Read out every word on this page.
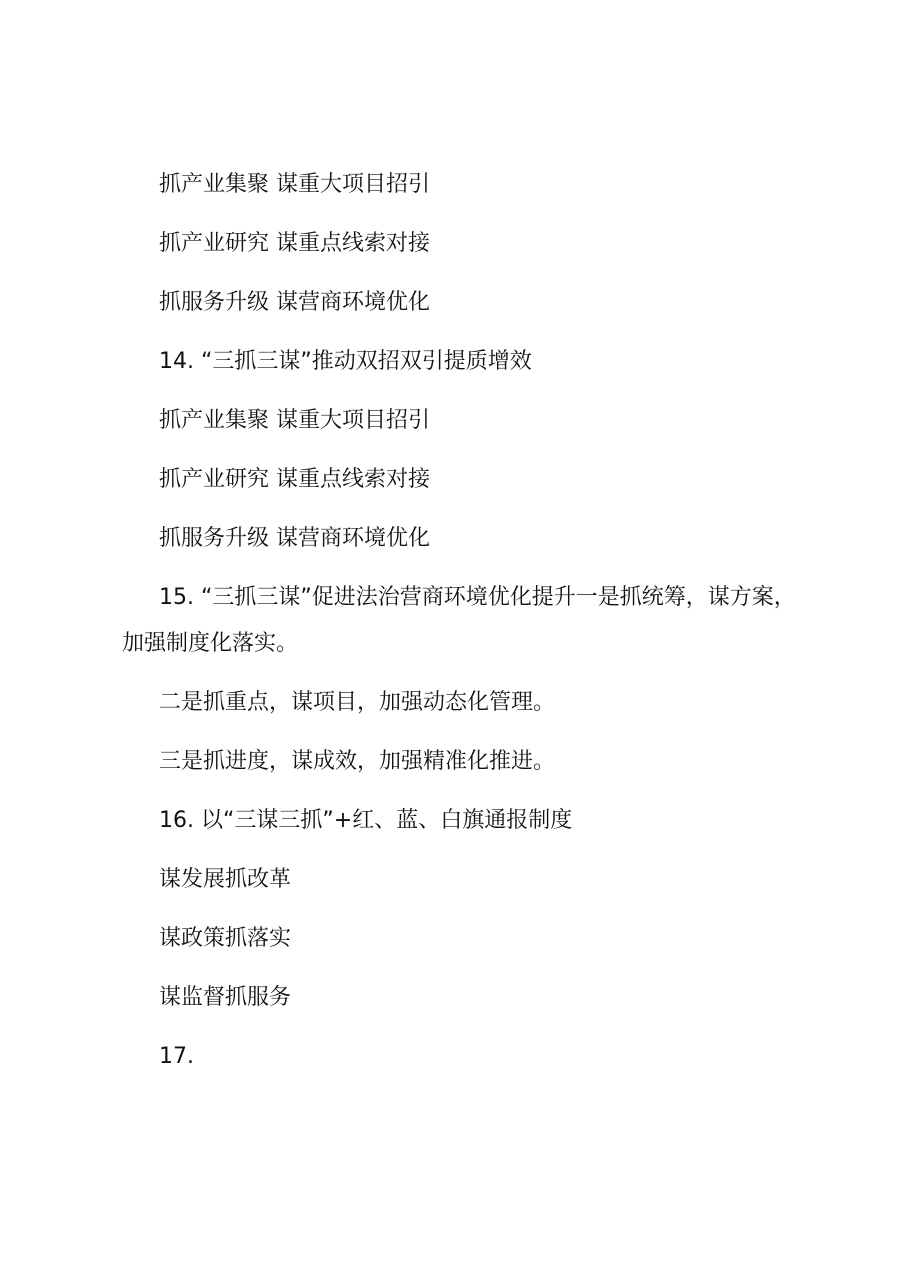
抓产业集聚 谋重大项目招引

抓产业研究 谋重点线索对接

抓服务升级 谋营商环境优化

14. “三抓三谋”推动双招双引提质增效

抓产业集聚 谋重大项目招引

抓产业研究 谋重点线索对接

抓服务升级 谋营商环境优化

15. “三抓三谋”促进法治营商环境优化提升一是抓统筹，谋方案，加强制度化落实。

二是抓重点，谋项目，加强动态化管理。

三是抓进度，谋成效，加强精准化推进。

16. 以“三谋三抓”+红、蓝、白旗通报制度

谋发展抓改革

谋政策抓落实

谋监督抓服务

17.
